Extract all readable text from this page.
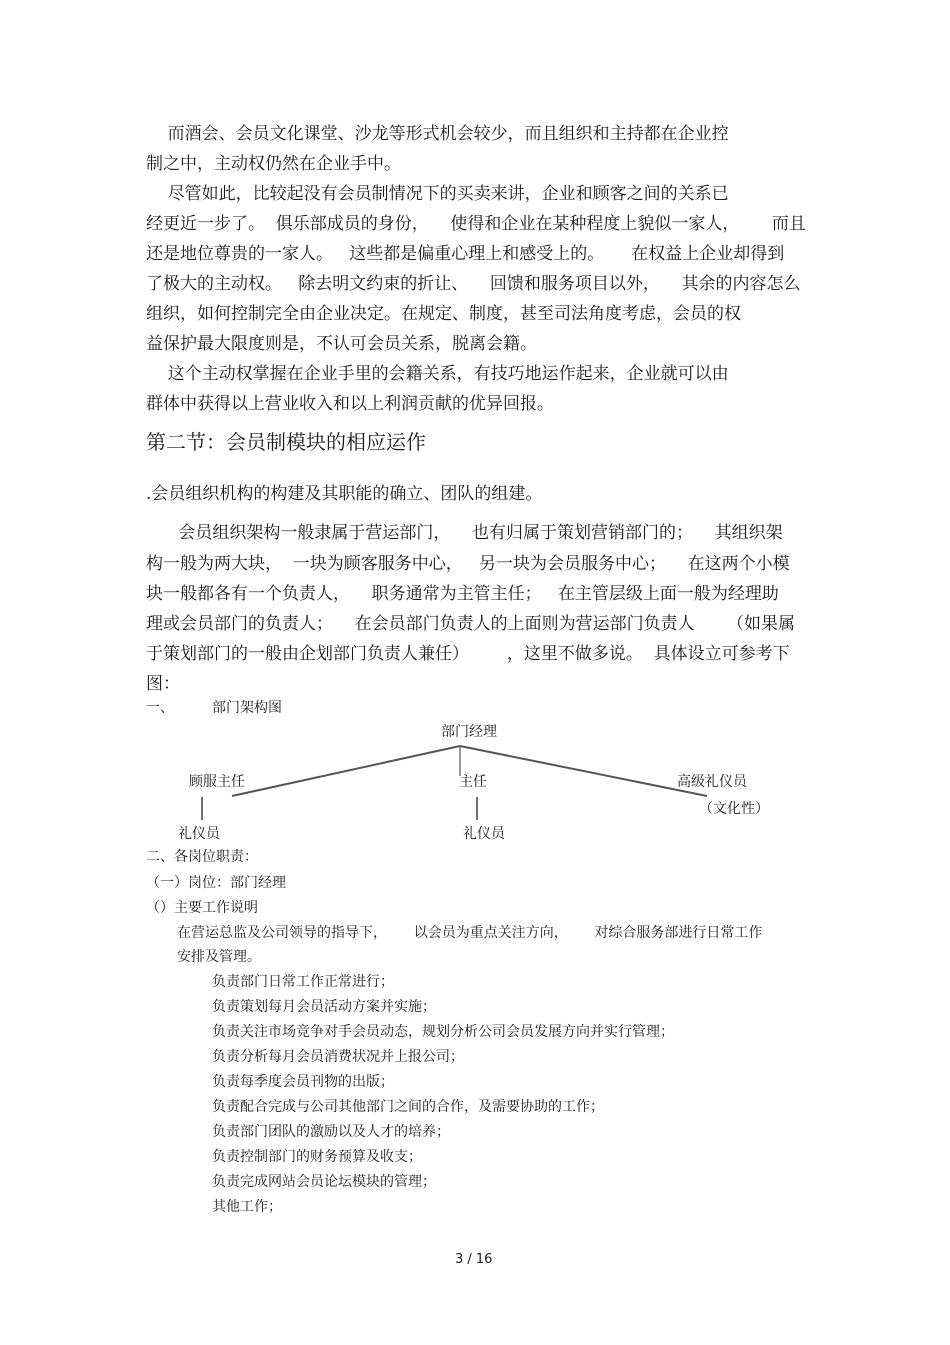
而酒会、会员文化课堂、沙龙等形式机会较少，而且组织和主持都在企业控
制之中，主动权仍然在企业手中。
尽管如此，比较起没有会员制情况下的买卖来讲，企业和顾客之间的关系已
经更近一步了。  俱乐部成员的身份，    使得和企业在某种程度上貌似一家人，      而且
还是地位尊贵的一家人。   这些都是偏重心理上和感受上的。     在权益上企业却得到
了极大的主动权。   除去明文约束的折让、    回馈和服务项目以外，    其余的内容怎么
组织，如何控制完全由企业决定。在规定、制度，甚至司法角度考虑，会员的权
益保护最大限度则是，不认可会员关系，脱离会籍。
这个主动权掌握在企业手里的会籍关系，有技巧地运作起来，企业就可以由
群体中获得以上营业收入和以上利润贡献的优异回报。
第二节：会员制模块的相应运作
.会员组织机构的构建及其职能的确立、团队的组建。
会员组织架构一般隶属于营运部门，    也有归属于策划营销部门的；    其组织架
构一般为两大块，  一块为顾客服务中心，   另一块为会员服务中心；    在这两个小模
块一般都各有一个负责人，    职务通常为主管主任；   在主管层级上面一般为经理助
理或会员部门的负责人；    在会员部门负责人的上面则为营运部门负责人      （如果属
于策划部门的一般由企划部门负责人兼任）       ，这里不做多说。  具体设立可参考下
图：
一、	部门架构图
部门经理
顾服主任	主任	高级礼仪员
（文化性）
礼仪员	礼仪员
二、各岗位职责：
（一）岗位：部门经理
（）主要工作说明
在营运总监及公司领导的指导下，      以会员为重点关注方向，      对综合服务部进行日常工作
安排及管理。
负责部门日常工作正常进行；
负责策划每月会员活动方案并实施；
负责关注市场竞争对手会员动态，规划分析公司会员发展方向并实行管理；
负责分析每月会员消费状况并上报公司；
负责每季度会员刊物的出版；
负责配合完成与公司其他部门之间的合作，及需要协助的工作；
负责部门团队的激励以及人才的培养；
负责控制部门的财务预算及收支；
负责完成网站会员论坛模块的管理；
其他工作；
3 / 16
